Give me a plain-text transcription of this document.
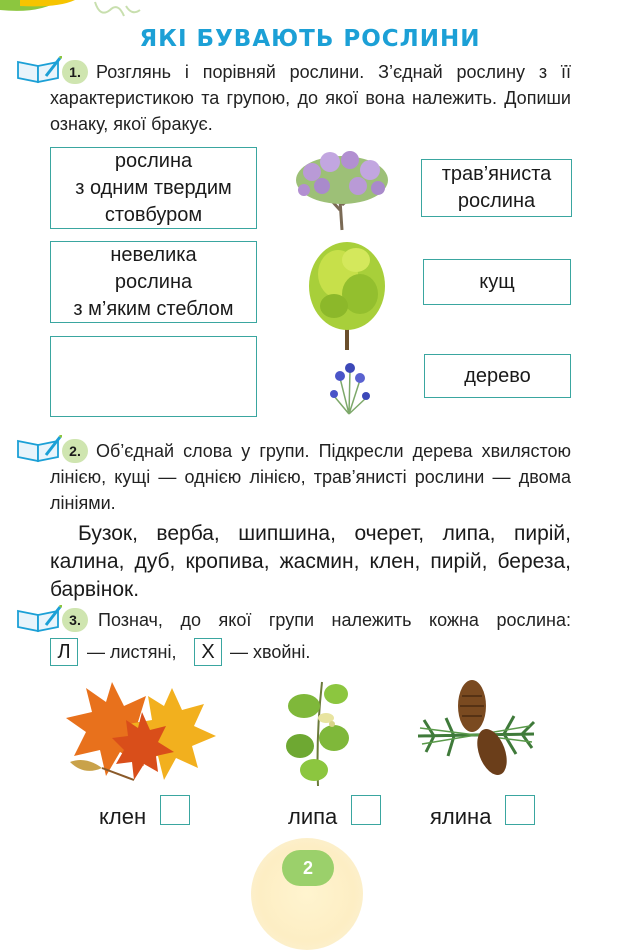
ЯКІ БУВАЮТЬ РОСЛИНИ
1. Розглянь і порівняй рослини. З’єднай рослину з її характеристикою та групою, до якої вона належить. Допиши ознаку, якої бракує.
рослина
з одним твердим
стовбуром
невелика
рослина
з м’яким стеблом
трав’яниста
рослина
кущ
дерево
2. Об’єднай слова у групи. Підкресли дерева хвилястою лінією, кущі — однією лінією, трав’янисті рослини — двома лініями.
Бузок, верба, шипшина, очерет, липа, пирій, калина, дуб, кропива, жасмин, клен, пирій, береза, барвінок.
3. Познач, до якої групи належить кожна рослина:
Л — листяні,	Х — хвойні.
клен	липа	ялина
2
